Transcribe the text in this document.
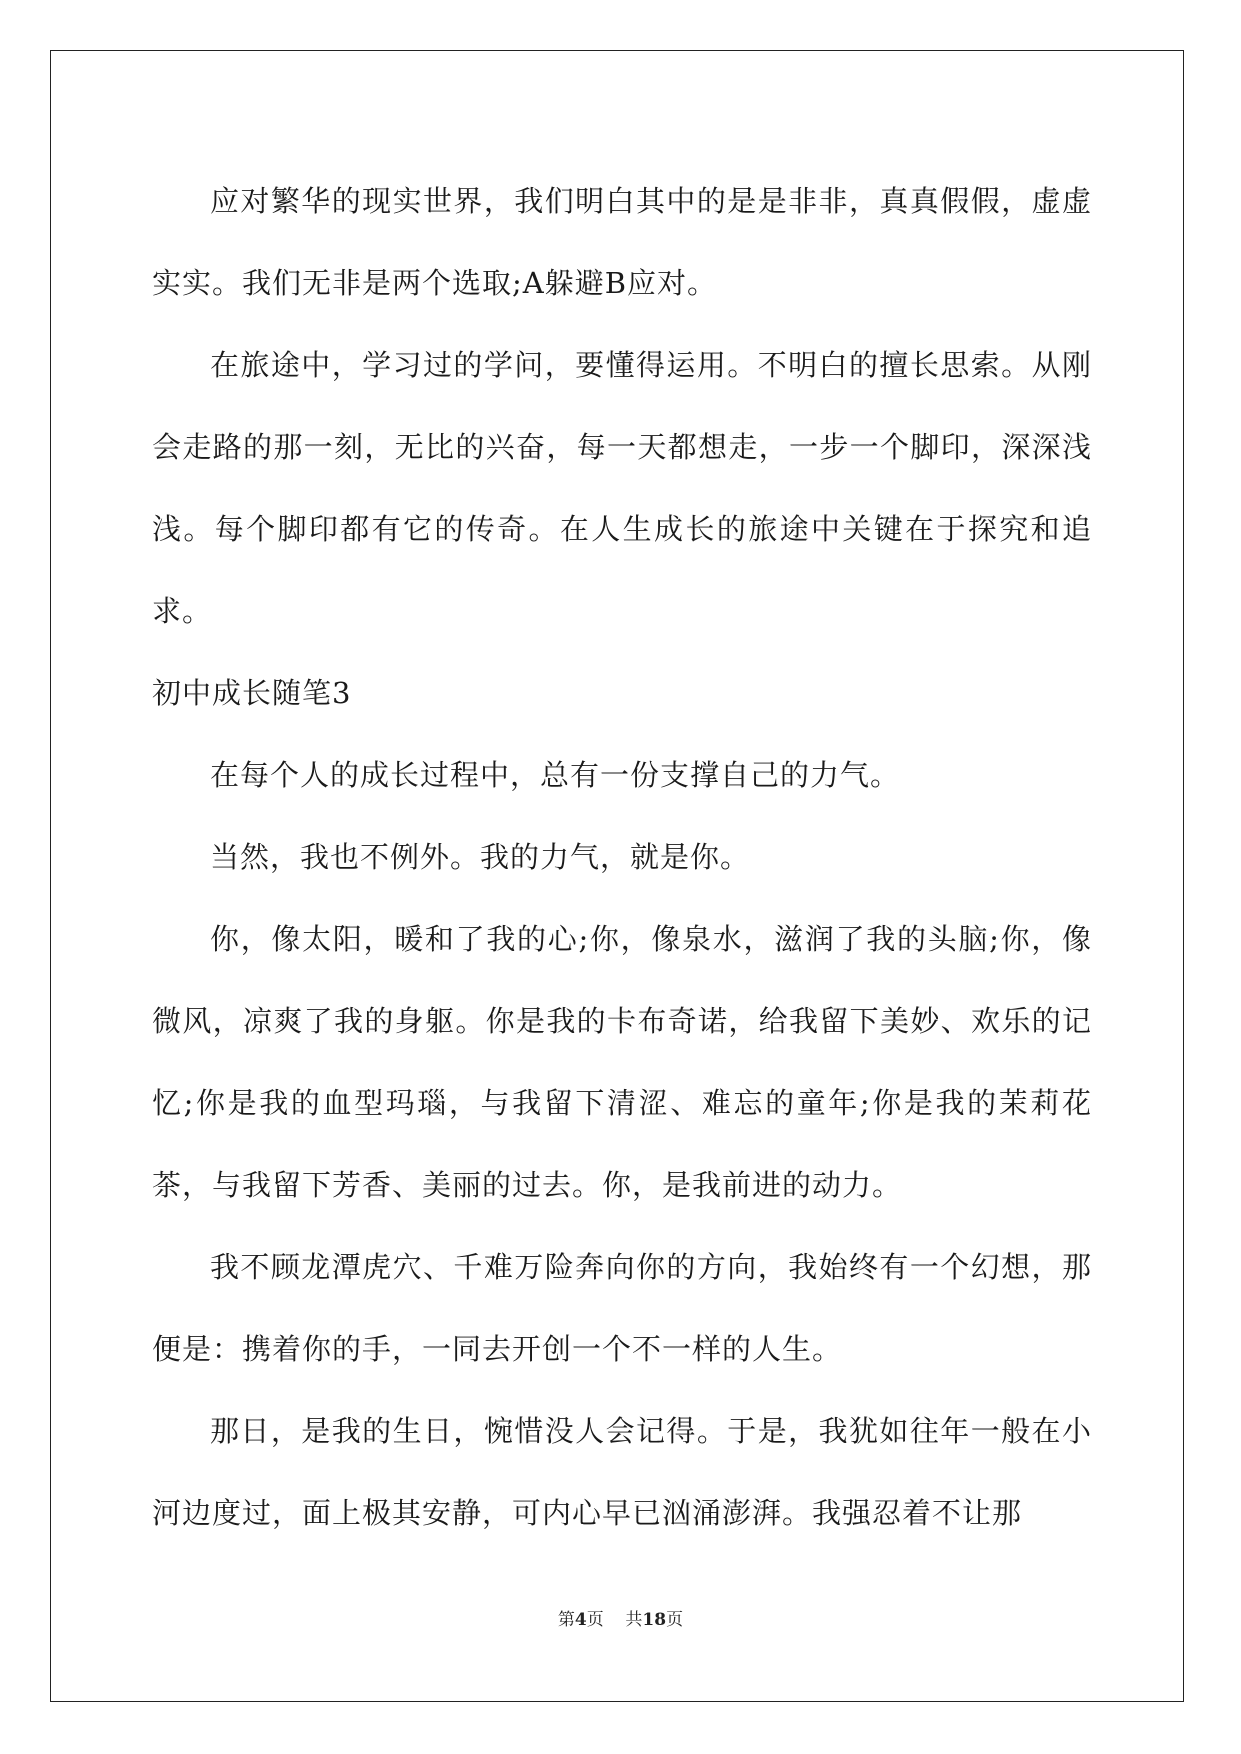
应对繁华的现实世界，我们明白其中的是是非非，真真假假，虚虚实实。我们无非是两个选取;A躲避B应对。

在旅途中，学习过的学问，要懂得运用。不明白的擅长思索。从刚会走路的那一刻，无比的兴奋，每一天都想走，一步一个脚印，深深浅浅。每个脚印都有它的传奇。在人生成长的旅途中关键在于探究和追求。

初中成长随笔3

在每个人的成长过程中，总有一份支撑自己的力气。

当然，我也不例外。我的力气，就是你。

你，像太阳，暖和了我的心;你，像泉水，滋润了我的头脑;你，像微风，凉爽了我的身躯。你是我的卡布奇诺，给我留下美妙、欢乐的记忆;你是我的血型玛瑙，与我留下清涩、难忘的童年;你是我的茉莉花茶，与我留下芳香、美丽的过去。你，是我前进的动力。

我不顾龙潭虎穴、千难万险奔向你的方向，我始终有一个幻想，那便是：携着你的手，一同去开创一个不一样的人生。

那日，是我的生日，惋惜没人会记得。于是，我犹如往年一般在小河边度过，面上极其安静，可内心早已汹涌澎湃。我强忍着不让那

第4页 共18页
